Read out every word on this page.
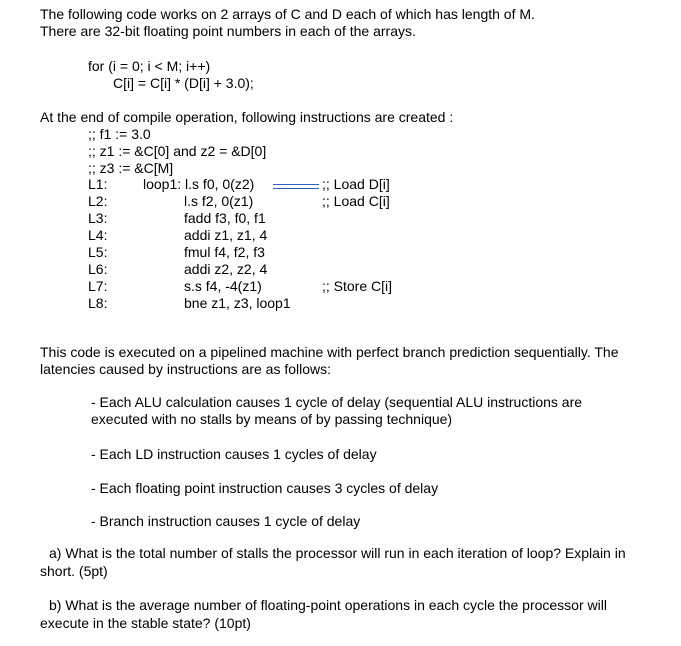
The following code works on 2 arrays of C and D each of which has length of M.
There are 32-bit floating point numbers in each of the arrays.
for (i = 0; i < M; i++)
C[i] = C[i] * (D[i] + 3.0);
At the end of compile operation, following instructions are created :
;; f1 := 3.0
;; z1 := &C[0] and z2 = &D[0]
;; z3 := &C[M]
L1:	loop1: l.s f0, 0(z2)	;; Load D[i]
L2:	l.s f2, 0(z1)	;; Load C[i]
L3:	fadd f3, f0, f1
L4:	addi z1, z1, 4
L5:	fmul f4, f2, f3
L6:	addi z2, z2, 4
L7:	s.s f4, -4(z1)	;; Store C[i]
L8:	bne z1, z3, loop1
This code is executed on a pipelined machine with perfect branch prediction sequentially. The
latencies caused by instructions are as follows:
- Each ALU calculation causes 1 cycle of delay (sequential ALU instructions are
executed with no stalls by means of by passing technique)
- Each LD instruction causes 1 cycles of delay
- Each floating point instruction causes 3 cycles of delay
- Branch instruction causes 1 cycle of delay
a) What is the total number of stalls the processor will run in each iteration of loop? Explain in
short. (5pt)
b) What is the average number of floating-point operations in each cycle the processor will
execute in the stable state? (10pt)
